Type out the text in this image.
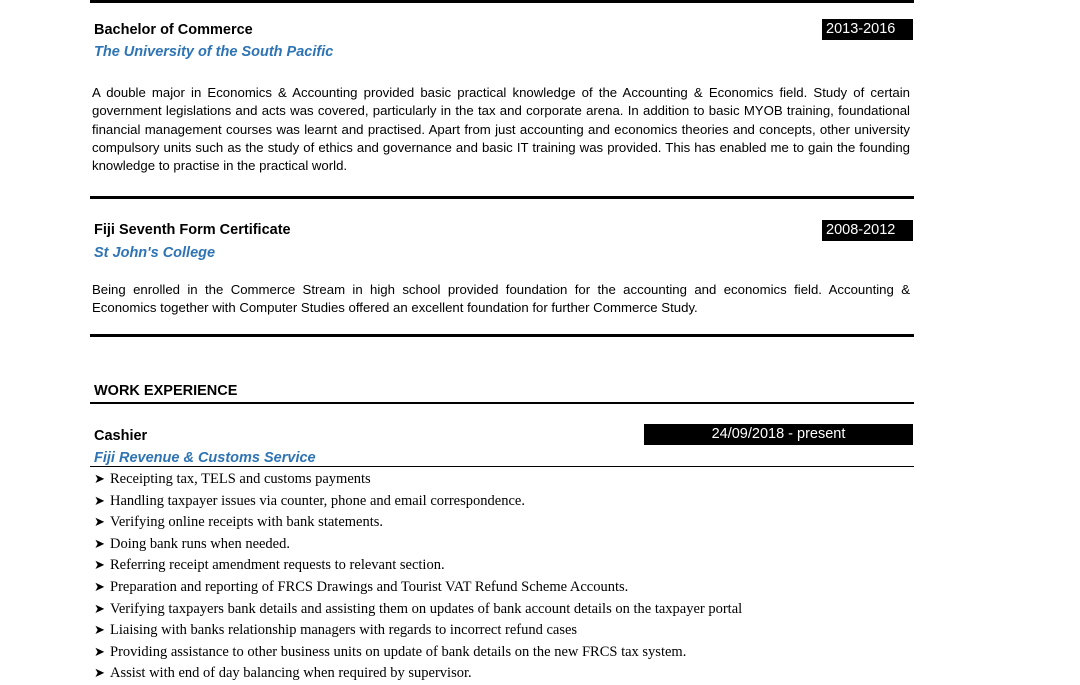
Bachelor of Commerce	2013-2016
The University of the South Pacific
A double major in Economics & Accounting provided basic practical knowledge of the Accounting & Economics field. Study of certain government legislations and acts was covered, particularly in the tax and corporate arena. In addition to basic MYOB training, foundational financial management courses was learnt and practised. Apart from just accounting and economics theories and concepts, other university compulsory units such as the study of ethics and governance and basic IT training was provided. This has enabled me to gain the founding knowledge to practise in the practical world.
Fiji Seventh Form Certificate	2008-2012
St John's College
Being enrolled in the Commerce Stream in high school provided foundation for the accounting and economics field. Accounting & Economics together with Computer Studies offered an excellent foundation for further Commerce Study.
WORK EXPERIENCE
Cashier	24/09/2018 - present
Fiji Revenue & Customs Service
➤ Receipting tax, TELS and customs payments
➤ Handling taxpayer issues via counter, phone and email correspondence.
➤ Verifying online receipts with bank statements.
➤ Doing bank runs when needed.
➤ Referring receipt amendment requests to relevant section.
➤ Preparation and reporting of FRCS Drawings and Tourist VAT Refund Scheme Accounts.
➤ Verifying taxpayers bank details and assisting them on updates of bank account details on the taxpayer portal
➤ Liaising with banks relationship managers with regards to incorrect refund cases
➤ Providing assistance to other business units on update of bank details on the new FRCS tax system.
➤ Assist with end of day balancing when required by supervisor.
